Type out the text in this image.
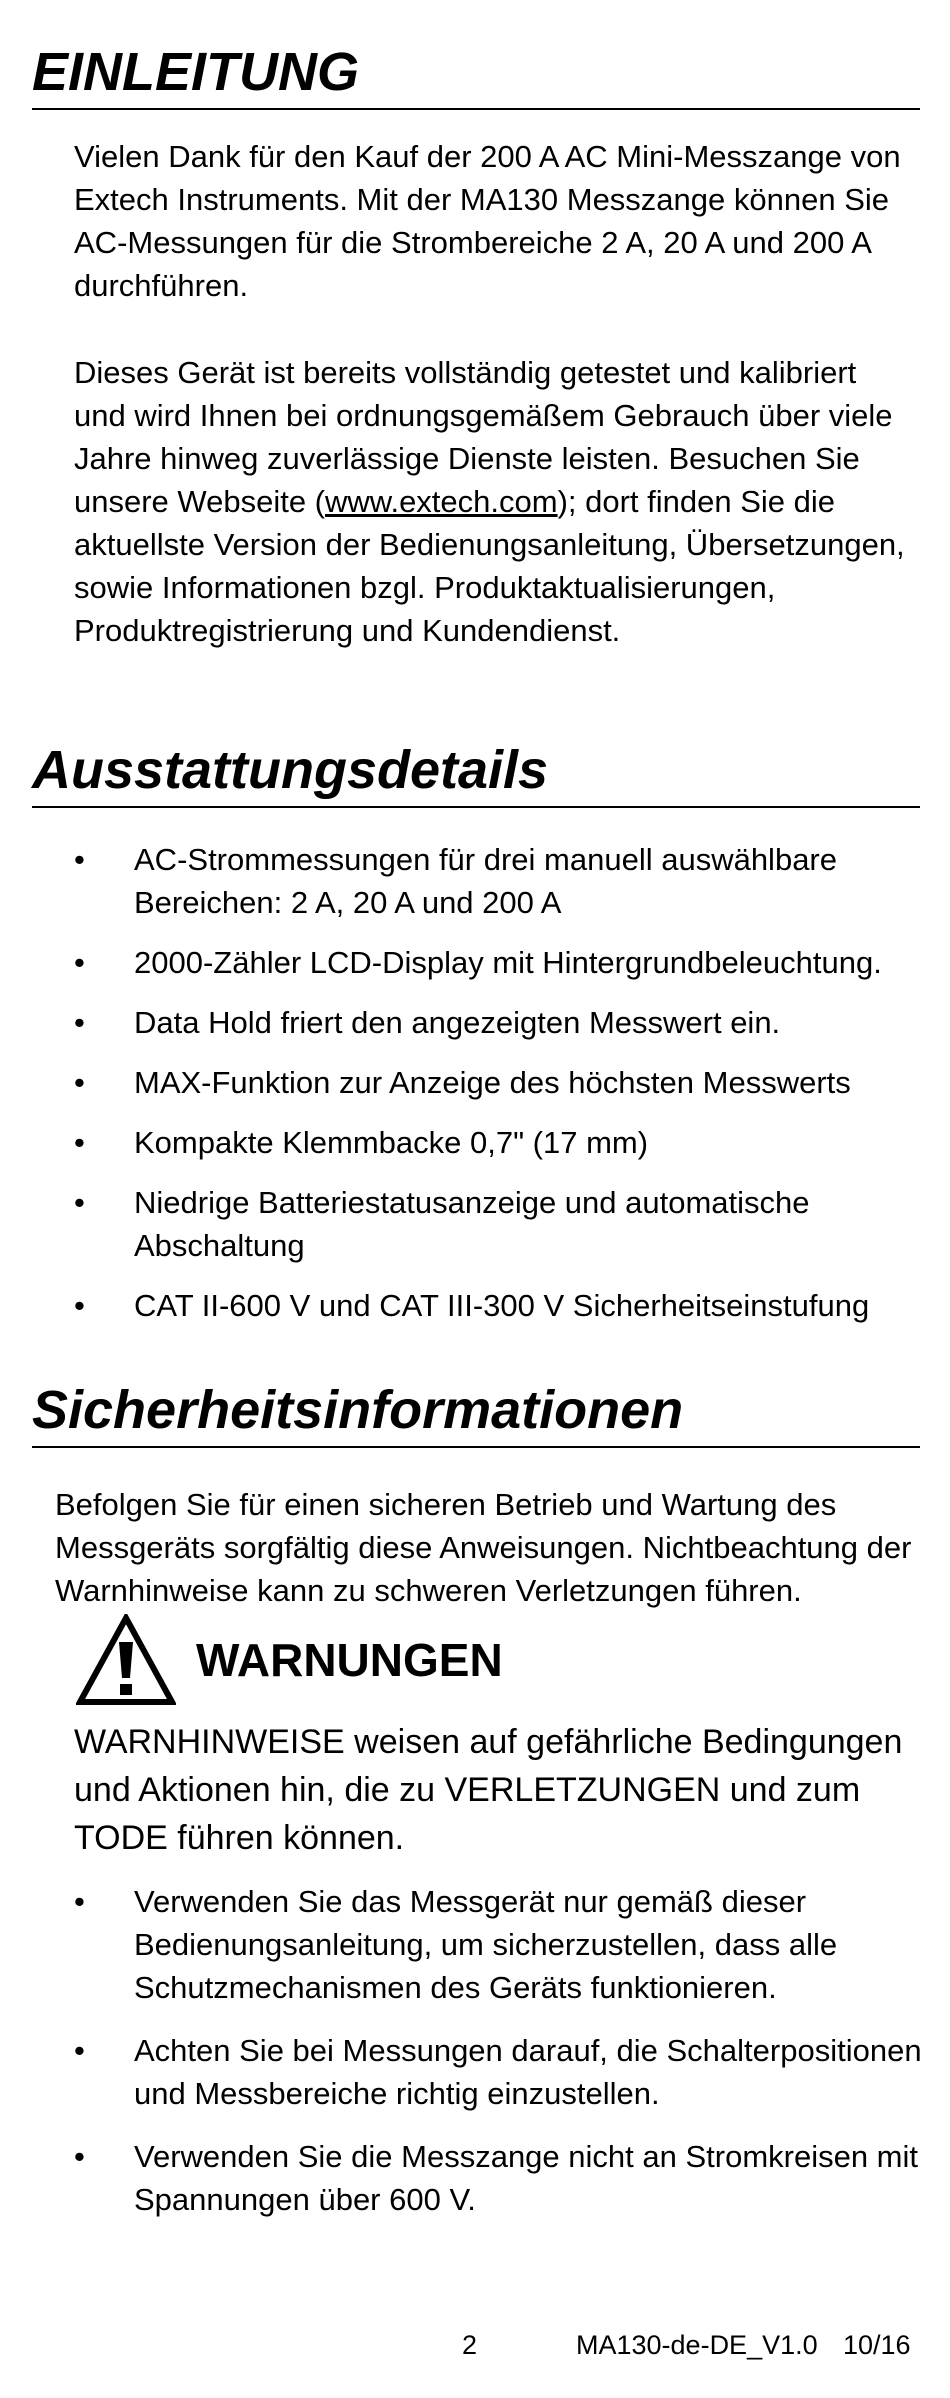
EINLEITUNG

Vielen Dank für den Kauf der 200 A AC Mini-Messzange von Extech Instruments. Mit der MA130 Messzange können Sie AC-Messungen für die Strombereiche 2 A, 20 A und 200 A durchführen.

Dieses Gerät ist bereits vollständig getestet und kalibriert und wird Ihnen bei ordnungsgemäßem Gebrauch über viele Jahre hinweg zuverlässige Dienste leisten. Besuchen Sie unsere Webseite (www.extech.com); dort finden Sie die aktuellste Version der Bedienungsanleitung, Übersetzungen, sowie Informationen bzgl. Produktaktualisierungen, Produktregistrierung und Kundendienst.

Ausstattungsdetails
•	AC-Strommessungen für drei manuell auswählbare Bereichen: 2 A, 20 A und 200 A
•	2000-Zähler LCD-Display mit Hintergrundbeleuchtung.
•	Data Hold friert den angezeigten Messwert ein.
•	MAX-Funktion zur Anzeige des höchsten Messwerts
•	Kompakte Klemmbacke 0,7" (17 mm)
•	Niedrige Batteriestatusanzeige und automatische Abschaltung
•	CAT II-600 V und CAT III-300 V Sicherheitseinstufung
Sicherheitsinformationen

Befolgen Sie für einen sicheren Betrieb und Wartung des Messgeräts sorgfältig diese Anweisungen. Nichtbeachtung der Warnhinweise kann zu schweren Verletzungen führen.

WARNUNGEN

WARNHINWEISE weisen auf gefährliche Bedingungen und Aktionen hin, die zu VERLETZUNGEN und zum TODE führen können.

•	Verwenden Sie das Messgerät nur gemäß dieser Bedienungsanleitung, um sicherzustellen, dass alle Schutzmechanismen des Geräts funktionieren.
•	Achten Sie bei Messungen darauf, die Schalterpositionen und Messbereiche richtig einzustellen.
•	Verwenden Sie die Messzange nicht an Stromkreisen mit Spannungen über 600 V.

2	MA130-de-DE_V1.0 10/16
